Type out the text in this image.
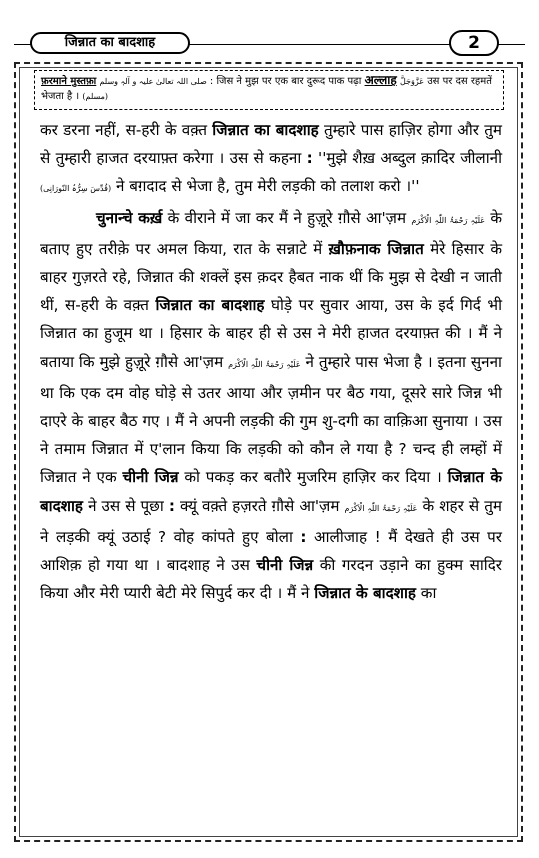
जिन्नात का बादशाह	2
फ़रमाने मुस्तफ़ा صلی اللہ تعالیٰ علیہ و آلہٖ وسلم : जिस ने मुझ पर एक बार दुरूद पाक पढ़ा अल्लाह عَزَّوَجَلَّ उस पर दस रहमतें भेजता है । (مسلم)

कर डरना नहीं, स-हरी के वक़्त जिन्नात का बादशाह तुम्हारे पास हाज़िर होगा और तुम से तुम्हारी हाजत दरयाफ़्त करेगा । उस से कहना : ''मुझे शैख़ अब्दुल क़ादिर जीलानी (قُدِّسَ سِرُّہُ النّورَانِی) ने बग़दाद से भेजा है, तुम मेरी लड़की को तलाश करो ।''

चुनान्चे कर्ख़ के वीराने में जा कर मैं ने हुज़ूरे ग़ौसे आ'ज़म عَلَیْہِ رَحْمَۃُ اللّٰہِ الْاَکْرَم के बताए हुए तरीक़े पर अमल किया, रात के सन्नाटे में ख़ौफ़नाक जिन्नात मेरे हिसार के बाहर गुज़रते रहे, जिन्नात की शक्लें इस क़दर हैबत नाक थीं कि मुझ से देखी न जाती थीं, स-हरी के वक़्त जिन्नात का बादशाह घोड़े पर सुवार आया, उस के इर्द गिर्द भी जिन्नात का हुजूम था । हिसार के बाहर ही से उस ने मेरी हाजत दरयाफ़्त की । मैं ने बताया कि मुझे हुज़ूरे ग़ौसे आ'ज़म عَلَیْہِ رَحْمَۃُ اللّٰہِ الْاَکْرَم ने तुम्हारे पास भेजा है । इतना सुनना था कि एक दम वोह घोड़े से उतर आया और ज़मीन पर बैठ गया, दूसरे सारे जिन्न भी दाएरे के बाहर बैठ गए । मैं ने अपनी लड़की की गुम शु-दगी का वाक़िआ सुनाया । उस ने तमाम जिन्नात में ए'लान किया कि लड़की को कौन ले गया है ? चन्द ही लम्हों में जिन्नात ने एक चीनी जिन्न को पकड़ कर बतौरे मुजरिम हाज़िर कर दिया । जिन्नात के बादशाह ने उस से पूछा : क्यूं वक़्ते हज़रते ग़ौसे आ'ज़म عَلَیْہِ رَحْمَۃُ اللّٰہِ الْاَکْرَم के शहर से तुम ने लड़की क्यूं उठाई ? वोह कांपते हुए बोला : आलीजाह ! मैं देखते ही उस पर आशिक़ हो गया था । बादशाह ने उस चीनी जिन्न की गरदन उड़ाने का हुक्म सादिर किया और मेरी प्यारी बेटी मेरे सिपुर्द कर दी । मैं ने जिन्नात के बादशाह का
